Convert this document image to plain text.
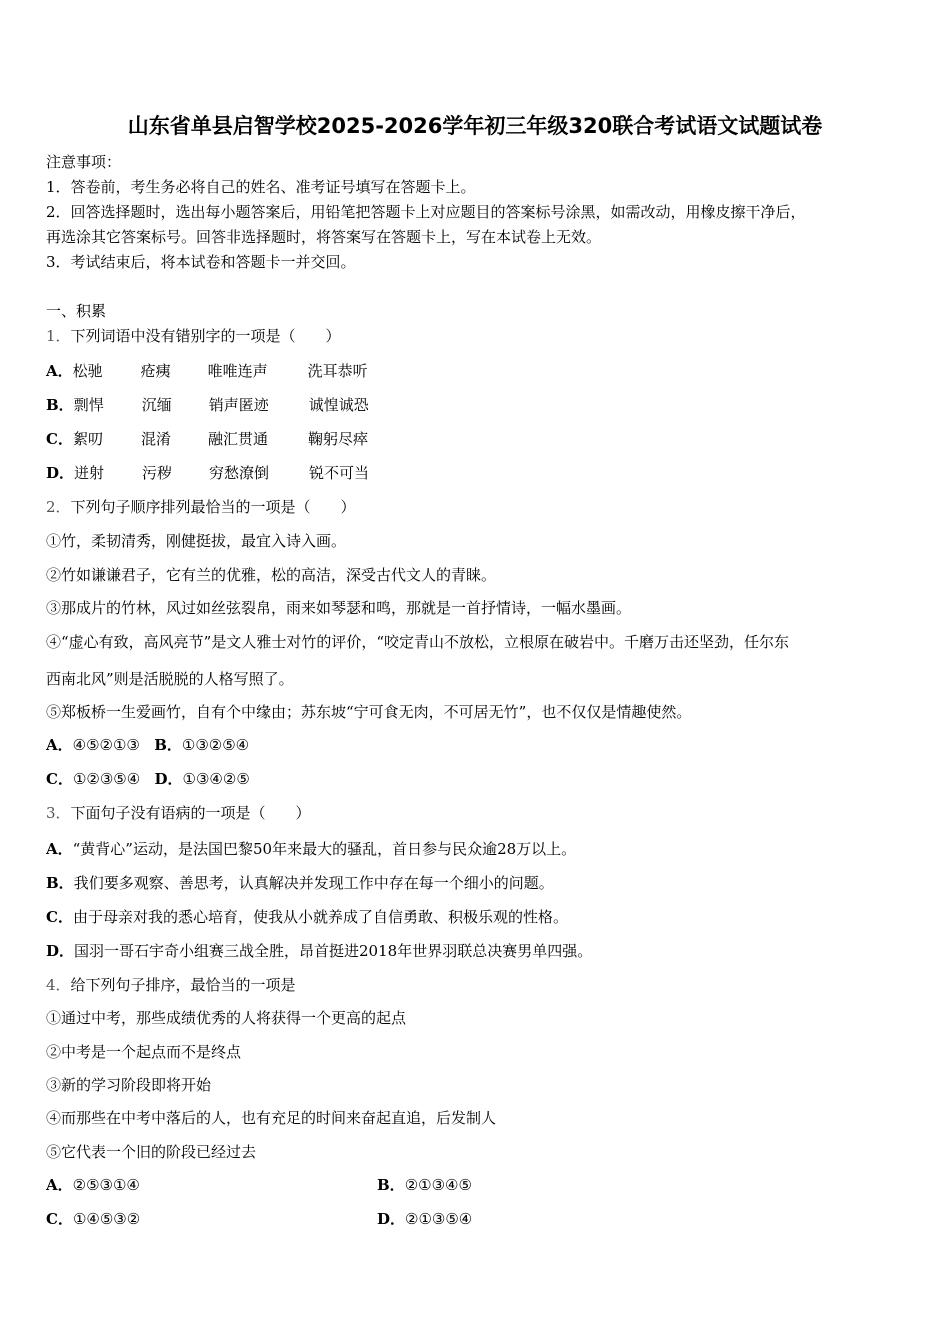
山东省单县启智学校2025-2026学年初三年级320联合考试语文试题试卷
注意事项：
1．答卷前，考生务必将自己的姓名、准考证号填写在答题卡上。
2．回答选择题时，选出每小题答案后，用铅笔把答题卡上对应题目的答案标号涂黑，如需改动，用橡皮擦干净后，
再选涂其它答案标号。回答非选择题时，将答案写在答题卡上，写在本试卷上无效。
3．考试结束后，将本试卷和答题卡一并交回。
一、积累
1．下列词语中没有错别字的一项是（　　）
A．松驰	疮痍 唯唯连声	洗耳恭听
B．剽悍	沉缅 销声匿迹	诚惶诚恐
C．絮叨	混淆 融汇贯通	鞠躬尽瘁
D．迸射	污秽 穷愁潦倒	锐不可当
2．下列句子顺序排列最恰当的一项是（　　）
①竹，柔韧清秀，刚健挺拔，最宜入诗入画。
②竹如谦谦君子，它有兰的优雅，松的高洁，深受古代文人的青睐。
③那成片的竹林，风过如丝弦裂帛，雨来如琴瑟和鸣，那就是一首抒情诗，一幅水墨画。
④“虚心有致，高风亮节”是文人雅士对竹的评价，“咬定青山不放松，立根原在破岩中。千磨万击还坚劲，任尔东
西南北风”则是活脱脱的人格写照了。
⑤郑板桥一生爱画竹，自有个中缘由；苏东坡“宁可食无肉，不可居无竹”，也不仅仅是情趣使然。
A．④⑤②①③ B．①③②⑤④
C．①②③⑤④ D．①③④②⑤
3．下面句子没有语病的一项是（　　）
A．“黄背心”运动，是法国巴黎50年来最大的骚乱，首日参与民众逾28万以上。
B．我们要多观察、善思考，认真解决并发现工作中存在每一个细小的问题。
C．由于母亲对我的悉心培育，使我从小就养成了自信勇敢、积极乐观的性格。
D．国羽一哥石宇奇小组赛三战全胜，昂首挺进2018年世界羽联总决赛男单四强。
4．给下列句子排序，最恰当的一项是
①通过中考，那些成绩优秀的人将获得一个更高的起点
②中考是一个起点而不是终点
③新的学习阶段即将开始
④而那些在中考中落后的人，也有充足的时间来奋起直追，后发制人
⑤它代表一个旧的阶段已经过去
A．②⑤③①④	B．②①③④⑤
C．①④⑤③②	D．②①③⑤④
